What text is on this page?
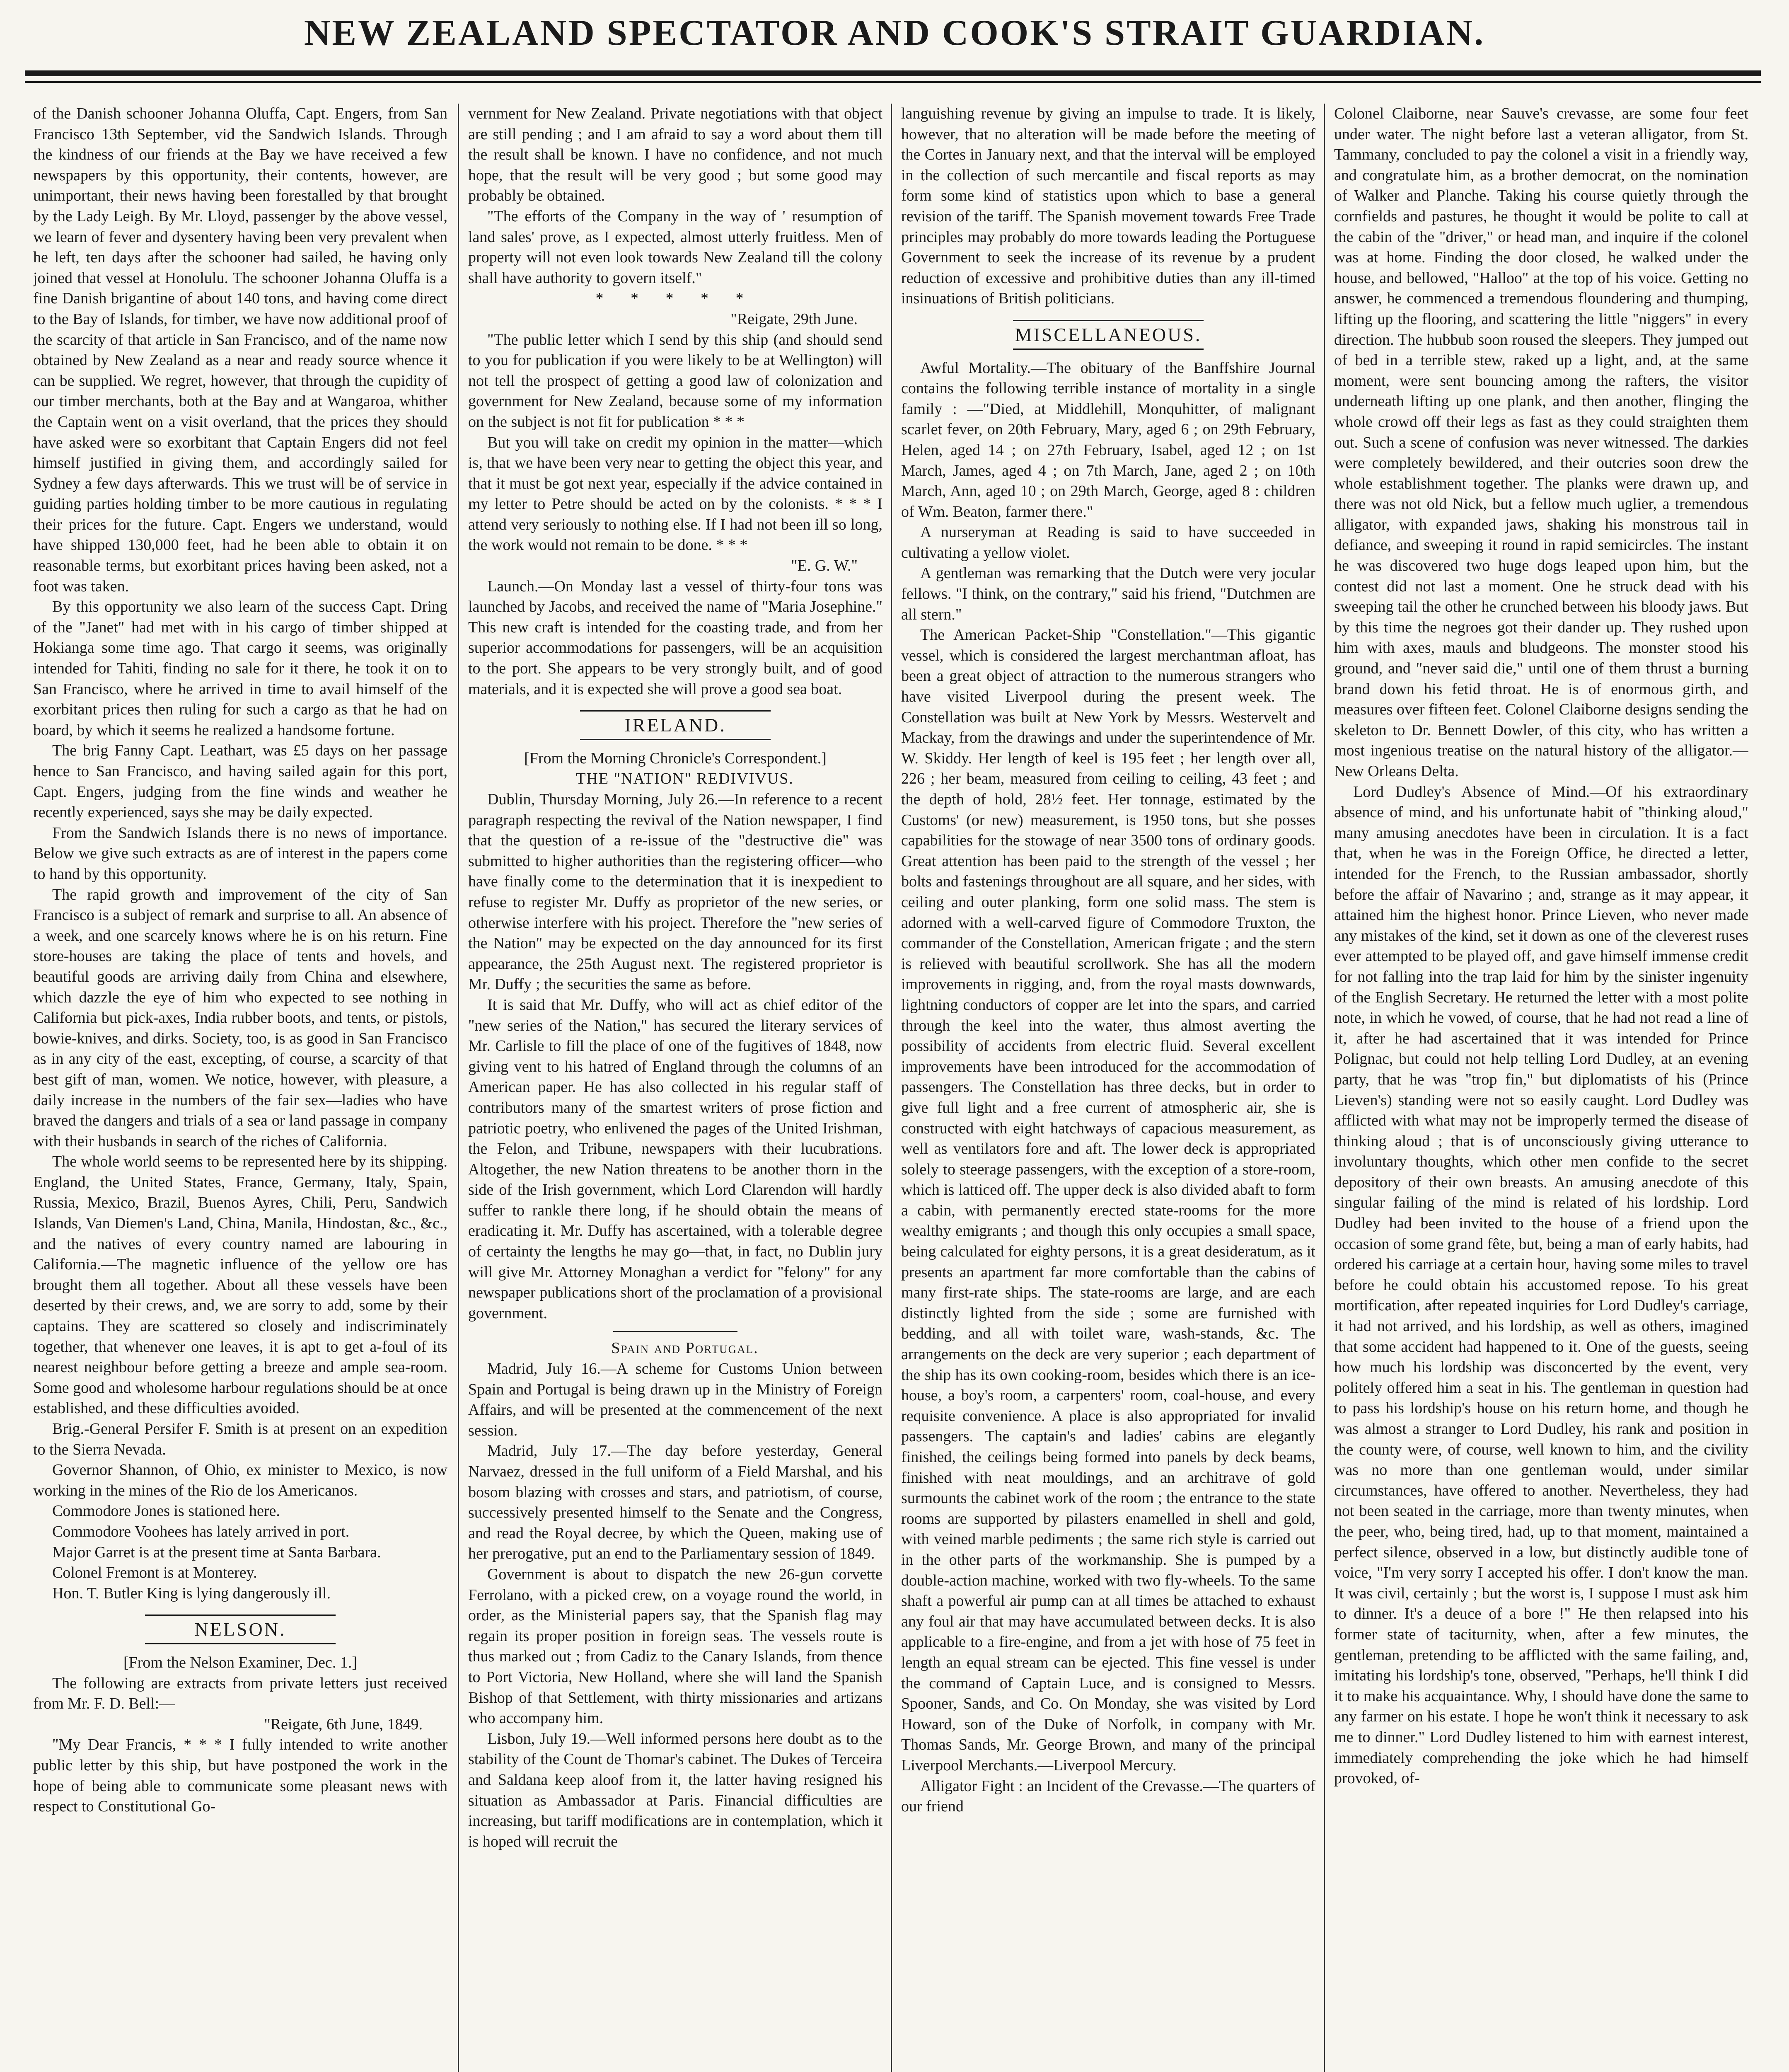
NEW ZEALAND SPECTATOR AND COOK'S STRAIT GUARDIAN.

of the Danish schooner Johanna Oluffa, Capt. Engers, from San Francisco 13th September, vid the Sandwich Islands. Through the kindness of our friends at the Bay we have received a few newspapers by this opportunity, their contents, however, are unimportant, their news having been forestalled by that brought by the Lady Leigh. By Mr. Lloyd, passenger by the above vessel, we learn of fever and dysentery having been very prevalent when he left, ten days after the schooner had sailed, he having only joined that vessel at Honolulu. The schooner Johanna Oluffa is a fine Danish brigantine of about 140 tons, and having come direct to the Bay of Islands, for timber, we have now additional proof of the scarcity of that article in San Francisco, and of the name now obtained by New Zealand as a near and ready source whence it can be supplied. We regret, however, that through the cupidity of our timber merchants, both at the Bay and at Wangaroa, whither the Captain went on a visit overland, that the prices they should have asked were so exorbitant that Captain Engers did not feel himself justified in giving them, and accordingly sailed for Sydney a few days afterwards. This we trust will be of service in guiding parties holding timber to be more cautious in regulating their prices for the future. Capt. Engers we understand, would have shipped 130,000 feet, had he been able to obtain it on reasonable terms, but exorbitant prices having been asked, not a foot was taken.

By this opportunity we also learn of the success Capt. Dring of the "Janet" had met with in his cargo of timber shipped at Hokianga some time ago. That cargo it seems, was originally intended for Tahiti, finding no sale for it there, he took it on to San Francisco, where he arrived in time to avail himself of the exorbitant prices then ruling for such a cargo as that he had on board, by which it seems he realized a handsome fortune.

The brig Fanny Capt. Leathart, was £5 days on her passage hence to San Francisco, and having sailed again for this port, Capt. Engers, judging from the fine winds and weather he recently experienced, says she may be daily expected.

From the Sandwich Islands there is no news of importance. Below we give such extracts as are of interest in the papers come to hand by this opportunity.

The rapid growth and improvement of the city of San Francisco is a subject of remark and surprise to all. An absence of a week, and one scarcely knows where he is on his return. Fine store-houses are taking the place of tents and hovels, and beautiful goods are arriving daily from China and elsewhere, which dazzle the eye of him who expected to see nothing in California but pick-axes, India rubber boots, and tents, or pistols, bowie-knives, and dirks. Society, too, is as good in San Francisco as in any city of the east, excepting, of course, a scarcity of that best gift of man, women. We notice, however, with pleasure, a daily increase in the numbers of the fair sex—ladies who have braved the dangers and trials of a sea or land passage in company with their husbands in search of the riches of California.

The whole world seems to be represented here by its shipping. England, the United States, France, Germany, Italy, Spain, Russia, Mexico, Brazil, Buenos Ayres, Chili, Peru, Sandwich Islands, Van Diemen's Land, China, Manila, Hindostan, &c., &c., and the natives of every country named are labouring in California.—The magnetic influence of the yellow ore has brought them all together. About all these vessels have been deserted by their crews, and, we are sorry to add, some by their captains. They are scattered so closely and indiscriminately together, that whenever one leaves, it is apt to get a-foul of its nearest neighbour before getting a breeze and ample sea-room. Some good and wholesome harbour regulations should be at once established, and these difficulties avoided.

Brig.-General Persifer F. Smith is at present on an expedition to the Sierra Nevada.

Governor Shannon, of Ohio, ex minister to Mexico, is now working in the mines of the Rio de los Americanos.

Commodore Jones is stationed here.

Commodore Voohees has lately arrived in port.

Major Garret is at the present time at Santa Barbara.

Colonel Fremont is at Monterey.

Hon. T. Butler King is lying dangerously ill.

NELSON.

[From the Nelson Examiner, Dec. 1.]

The following are extracts from private letters just received from Mr. F. D. Bell:—

"Reigate, 6th June, 1849.

"My Dear Francis, * * * I fully intended to write another public letter by this ship, but have postponed the work in the hope of being able to communicate some pleasant news with respect to Constitutional Go-

vernment for New Zealand. Private negotiations with that object are still pending ; and I am afraid to say a word about them till the result shall be known. I have no confidence, and not much hope, that the result will be very good ; but some good may probably be obtained.

"The efforts of the Company in the way of ' resumption of land sales' prove, as I expected, almost utterly fruitless. Men of property will not even look towards New Zealand till the colony shall have authority to govern itself."

* * * * *

"Reigate, 29th June.

"The public letter which I send by this ship (and should send to you for publication if you were likely to be at Wellington) will not tell the prospect of getting a good law of colonization and government for New Zealand, because some of my information on the subject is not fit for publication * * *

But you will take on credit my opinion in the matter—which is, that we have been very near to getting the object this year, and that it must be got next year, especially if the advice contained in my letter to Petre should be acted on by the colonists. * * * I attend very seriously to nothing else. If I had not been ill so long, the work would not remain to be done. * * *

"E. G. W."

Launch.—On Monday last a vessel of thirty-four tons was launched by Jacobs, and received the name of "Maria Josephine." This new craft is intended for the coasting trade, and from her superior accommodations for passengers, will be an acquisition to the port. She appears to be very strongly built, and of good materials, and it is expected she will prove a good sea boat.

IRELAND.

[From the Morning Chronicle's Correspondent.]

THE "NATION" REDIVIVUS.

Dublin, Thursday Morning, July 26.—In reference to a recent paragraph respecting the revival of the Nation newspaper, I find that the question of a re-issue of the "destructive die" was submitted to higher authorities than the registering officer—who have finally come to the determination that it is inexpedient to refuse to register Mr. Duffy as proprietor of the new series, or otherwise interfere with his project. Therefore the "new series of the Nation" may be expected on the day announced for its first appearance, the 25th August next. The registered proprietor is Mr. Duffy ; the securities the same as before.

It is said that Mr. Duffy, who will act as chief editor of the "new series of the Nation," has secured the literary services of Mr. Carlisle to fill the place of one of the fugitives of 1848, now giving vent to his hatred of England through the columns of an American paper. He has also collected in his regular staff of contributors many of the smartest writers of prose fiction and patriotic poetry, who enlivened the pages of the United Irishman, the Felon, and Tribune, newspapers with their lucubrations. Altogether, the new Nation threatens to be another thorn in the side of the Irish government, which Lord Clarendon will hardly suffer to rankle there long, if he should obtain the means of eradicating it. Mr. Duffy has ascertained, with a tolerable degree of certainty the lengths he may go—that, in fact, no Dublin jury will give Mr. Attorney Monaghan a verdict for "felony" for any newspaper publications short of the proclamation of a provisional government.

Spain and Portugal.

Madrid, July 16.—A scheme for Customs Union between Spain and Portugal is being drawn up in the Ministry of Foreign Affairs, and will be presented at the commencement of the next session.

Madrid, July 17.—The day before yesterday, General Narvaez, dressed in the full uniform of a Field Marshal, and his bosom blazing with crosses and stars, and patriotism, of course, successively presented himself to the Senate and the Congress, and read the Royal decree, by which the Queen, making use of her prerogative, put an end to the Parliamentary session of 1849.

Government is about to dispatch the new 26-gun corvette Ferrolano, with a picked crew, on a voyage round the world, in order, as the Ministerial papers say, that the Spanish flag may regain its proper position in foreign seas. The vessels route is thus marked out ; from Cadiz to the Canary Islands, from thence to Port Victoria, New Holland, where she will land the Spanish Bishop of that Settlement, with thirty missionaries and artizans who accompany him.

Lisbon, July 19.—Well informed persons here doubt as to the stability of the Count de Thomar's cabinet. The Dukes of Terceira and Saldana keep aloof from it, the latter having resigned his situation as Ambassador at Paris. Financial difficulties are increasing, but tariff modifications are in contemplation, which it is hoped will recruit the

languishing revenue by giving an impulse to trade. It is likely, however, that no alteration will be made before the meeting of the Cortes in January next, and that the interval will be employed in the collection of such mercantile and fiscal reports as may form some kind of statistics upon which to base a general revision of the tariff. The Spanish movement towards Free Trade principles may probably do more towards leading the Portuguese Government to seek the increase of its revenue by a prudent reduction of excessive and prohibitive duties than any ill-timed insinuations of British politicians.

MISCELLANEOUS.

Awful Mortality.—The obituary of the Banffshire Journal contains the following terrible instance of mortality in a single family : —"Died, at Middlehill, Monquhitter, of malignant scarlet fever, on 20th February, Mary, aged 6 ; on 29th February, Helen, aged 14 ; on 27th February, Isabel, aged 12 ; on 1st March, James, aged 4 ; on 7th March, Jane, aged 2 ; on 10th March, Ann, aged 10 ; on 29th March, George, aged 8 : children of Wm. Beaton, farmer there."

A nurseryman at Reading is said to have succeeded in cultivating a yellow violet.

A gentleman was remarking that the Dutch were very jocular fellows. "I think, on the contrary," said his friend, "Dutchmen are all stern."

The American Packet-Ship "Constellation."—This gigantic vessel, which is considered the largest merchantman afloat, has been a great object of attraction to the numerous strangers who have visited Liverpool during the present week. The Constellation was built at New York by Messrs. Westervelt and Mackay, from the drawings and under the superintendence of Mr. W. Skiddy. Her length of keel is 195 feet ; her length over all, 226 ; her beam, measured from ceiling to ceiling, 43 feet ; and the depth of hold, 28½ feet. Her tonnage, estimated by the Customs' (or new) measurement, is 1950 tons, but she posses capabilities for the stowage of near 3500 tons of ordinary goods. Great attention has been paid to the strength of the vessel ; her bolts and fastenings throughout are all square, and her sides, with ceiling and outer planking, form one solid mass. The stem is adorned with a well-carved figure of Commodore Truxton, the commander of the Constellation, American frigate ; and the stern is relieved with beautiful scrollwork. She has all the modern improvements in rigging, and, from the royal masts downwards, lightning conductors of copper are let into the spars, and carried through the keel into the water, thus almost averting the possibility of accidents from electric fluid. Several excellent improvements have been introduced for the accommodation of passengers. The Constellation has three decks, but in order to give full light and a free current of atmospheric air, she is constructed with eight hatchways of capacious measurement, as well as ventilators fore and aft. The lower deck is appropriated solely to steerage passengers, with the exception of a store-room, which is latticed off. The upper deck is also divided abaft to form a cabin, with permanently erected state-rooms for the more wealthy emigrants ; and though this only occupies a small space, being calculated for eighty persons, it is a great desideratum, as it presents an apartment far more comfortable than the cabins of many first-rate ships. The state-rooms are large, and are each distinctly lighted from the side ; some are furnished with bedding, and all with toilet ware, wash-stands, &c. The arrangements on the deck are very superior ; each department of the ship has its own cooking-room, besides which there is an ice-house, a boy's room, a carpenters' room, coal-house, and every requisite convenience. A place is also appropriated for invalid passengers. The captain's and ladies' cabins are elegantly finished, the ceilings being formed into panels by deck beams, finished with neat mouldings, and an architrave of gold surmounts the cabinet work of the room ; the entrance to the state rooms are supported by pilasters enamelled in shell and gold, with veined marble pediments ; the same rich style is carried out in the other parts of the workmanship. She is pumped by a double-action machine, worked with two fly-wheels. To the same shaft a powerful air pump can at all times be attached to exhaust any foul air that may have accumulated between decks. It is also applicable to a fire-engine, and from a jet with hose of 75 feet in length an equal stream can be ejected. This fine vessel is under the command of Captain Luce, and is consigned to Messrs. Spooner, Sands, and Co. On Monday, she was visited by Lord Howard, son of the Duke of Norfolk, in company with Mr. Thomas Sands, Mr. George Brown, and many of the principal Liverpool Merchants.—Liverpool Mercury.

Alligator Fight : an Incident of the Crevasse.—The quarters of our friend

Colonel Claiborne, near Sauve's crevasse, are some four feet under water. The night before last a veteran alligator, from St. Tammany, concluded to pay the colonel a visit in a friendly way, and congratulate him, as a brother democrat, on the nomination of Walker and Planche. Taking his course quietly through the cornfields and pastures, he thought it would be polite to call at the cabin of the "driver," or head man, and inquire if the colonel was at home. Finding the door closed, he walked under the house, and bellowed, "Halloo" at the top of his voice. Getting no answer, he commenced a tremendous floundering and thumping, lifting up the flooring, and scattering the little "niggers" in every direction. The hubbub soon roused the sleepers. They jumped out of bed in a terrible stew, raked up a light, and, at the same moment, were sent bouncing among the rafters, the visitor underneath lifting up one plank, and then another, flinging the whole crowd off their legs as fast as they could straighten them out. Such a scene of confusion was never witnessed. The darkies were completely bewildered, and their outcries soon drew the whole establishment together. The planks were drawn up, and there was not old Nick, but a fellow much uglier, a tremendous alligator, with expanded jaws, shaking his monstrous tail in defiance, and sweeping it round in rapid semicircles. The instant he was discovered two huge dogs leaped upon him, but the contest did not last a moment. One he struck dead with his sweeping tail the other he crunched between his bloody jaws. But by this time the negroes got their dander up. They rushed upon him with axes, mauls and bludgeons. The monster stood his ground, and "never said die," until one of them thrust a burning brand down his fetid throat. He is of enormous girth, and measures over fifteen feet. Colonel Claiborne designs sending the skeleton to Dr. Bennett Dowler, of this city, who has written a most ingenious treatise on the natural history of the alligator.—New Orleans Delta.

Lord Dudley's Absence of Mind.—Of his extraordinary absence of mind, and his unfortunate habit of "thinking aloud," many amusing anecdotes have been in circulation. It is a fact that, when he was in the Foreign Office, he directed a letter, intended for the French, to the Russian ambassador, shortly before the affair of Navarino ; and, strange as it may appear, it attained him the highest honor. Prince Lieven, who never made any mistakes of the kind, set it down as one of the cleverest ruses ever attempted to be played off, and gave himself immense credit for not falling into the trap laid for him by the sinister ingenuity of the English Secretary. He returned the letter with a most polite note, in which he vowed, of course, that he had not read a line of it, after he had ascertained that it was intended for Prince Polignac, but could not help telling Lord Dudley, at an evening party, that he was "trop fin," but diplomatists of his (Prince Lieven's) standing were not so easily caught. Lord Dudley was afflicted with what may not be improperly termed the disease of thinking aloud ; that is of unconsciously giving utterance to involuntary thoughts, which other men confide to the secret depository of their own breasts. An amusing anecdote of this singular failing of the mind is related of his lordship. Lord Dudley had been invited to the house of a friend upon the occasion of some grand fête, but, being a man of early habits, had ordered his carriage at a certain hour, having some miles to travel before he could obtain his accustomed repose. To his great mortification, after repeated inquiries for Lord Dudley's carriage, it had not arrived, and his lordship, as well as others, imagined that some accident had happened to it. One of the guests, seeing how much his lordship was disconcerted by the event, very politely offered him a seat in his. The gentleman in question had to pass his lordship's house on his return home, and though he was almost a stranger to Lord Dudley, his rank and position in the county were, of course, well known to him, and the civility was no more than one gentleman would, under similar circumstances, have offered to another. Nevertheless, they had not been seated in the carriage, more than twenty minutes, when the peer, who, being tired, had, up to that moment, maintained a perfect silence, observed in a low, but distinctly audible tone of voice, "I'm very sorry I accepted his offer. I don't know the man. It was civil, certainly ; but the worst is, I suppose I must ask him to dinner. It's a deuce of a bore !" He then relapsed into his former state of taciturnity, when, after a few minutes, the gentleman, pretending to be afflicted with the same failing, and, imitating his lordship's tone, observed, "Perhaps, he'll think I did it to make his acquaintance. Why, I should have done the same to any farmer on his estate. I hope he won't think it necessary to ask me to dinner." Lord Dudley listened to him with earnest interest, immediately comprehending the joke which he had himself provoked, of-
